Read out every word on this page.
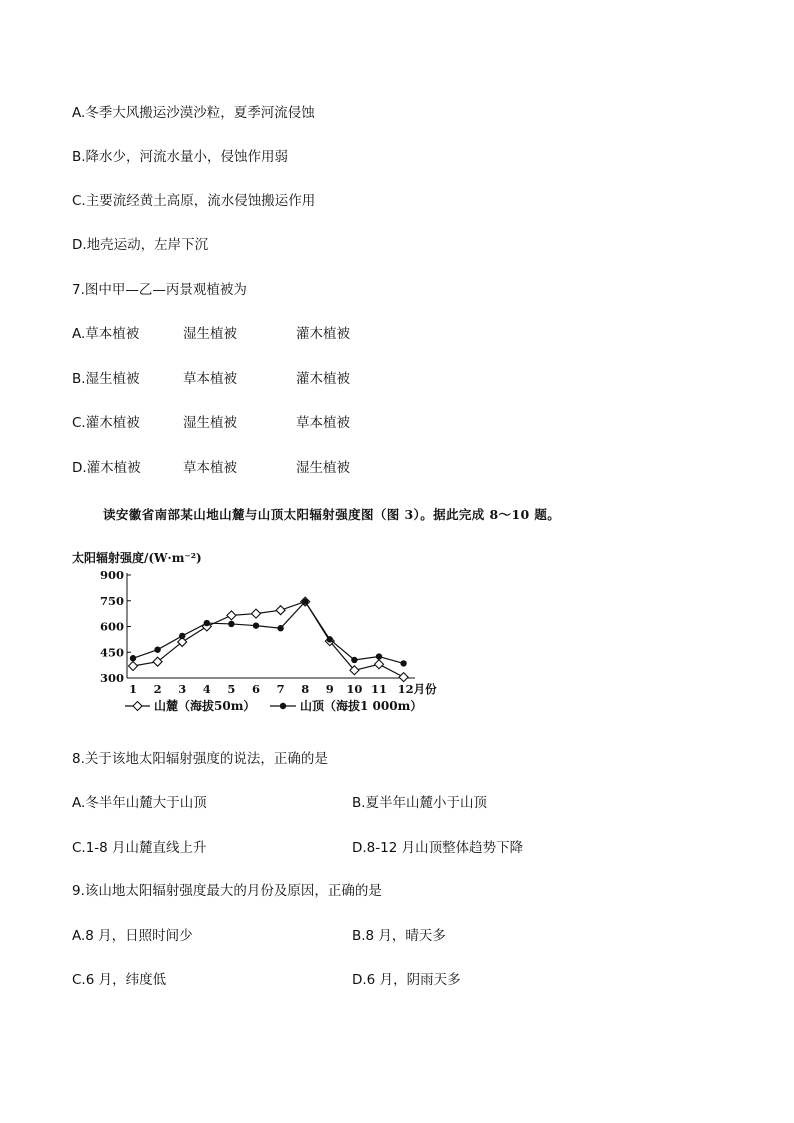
A.冬季大风搬运沙漠沙粒，夏季河流侵蚀
B.降水少，河流水量小，侵蚀作用弱
C.主要流经黄土高原，流水侵蚀搬运作用
D.地壳运动，左岸下沉
7.图中甲—乙—丙景观植被为
A.草本植被	湿生植被	灌木植被
B.湿生植被	草本植被	灌木植被
C.灌木植被	湿生植被	草本植被
D.灌木植被	草本植被	湿生植被
读安徽省南部某山地山麓与山顶太阳辐射强度图（图 3）。据此完成 8～10 题。
太阳辐射强度/(W·m⁻²)
300
450
600
750
900
1 2 3 4 5 6 7 8 9 10 11 12月份
山麓（海拔50m）	山顶（海拔1 000m）
8.关于该地太阳辐射强度的说法，正确的是
A.冬半年山麓大于山顶	B.夏半年山麓小于山顶
C.1-8 月山麓直线上升	D.8-12 月山顶整体趋势下降
9.该山地太阳辐射强度最大的月份及原因，正确的是
A.8 月，日照时间少	B.8 月，晴天多
C.6 月，纬度低	D.6 月，阴雨天多
